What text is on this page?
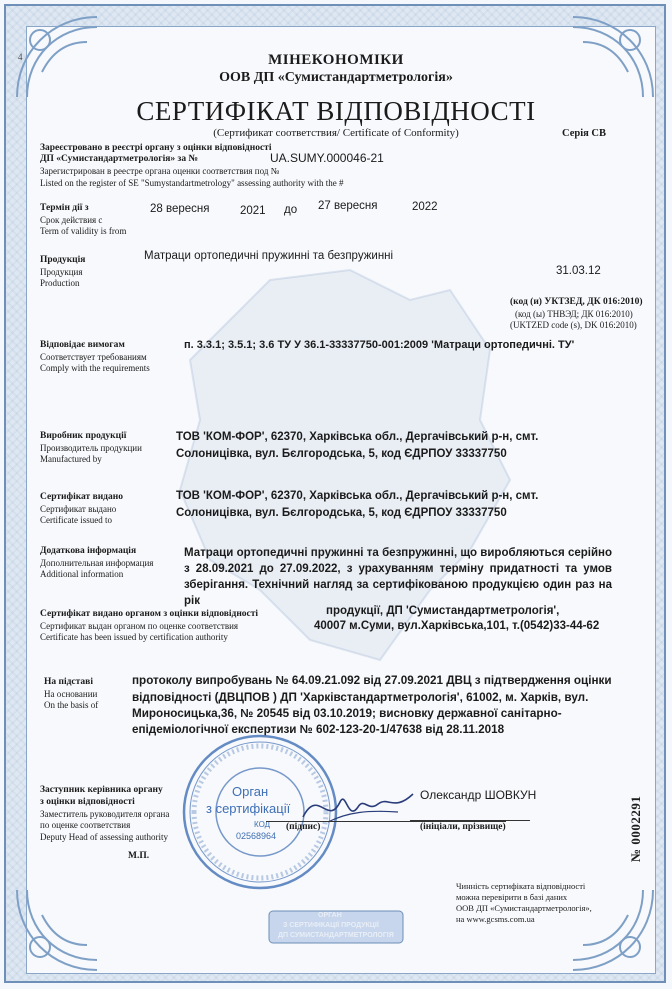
4	МІНЕКОНОМІКИ
ООВ ДП «Сумистандартметрологія»
СЕРТИФІКАТ ВІДПОВІДНОСТІ
(Сертификат соответствия/ Certificate of Conformity)	Серія СВ
Зареєстровано в реєстрі органу з оцінки відповідності
ДП «Сумистандартметрологія» за №	UA.SUMY.000046-21
Зарегистрирован в реестре органа оценки соответствия под №
Listed on the register of SE "Sumystandartmetrology" assessing authority with the #
Термін дії з
Срок действия с
Term of validity is from
28 вересня	2021 до 27 вересня	2022
Продукція
Продукция
Production
Матраци ортопедичні пружинні та безпружинні
31.03.12
(код (и) УКТЗЕД, ДК 016:2010)
(код (ы) ТНВЭД; ДК 016:2010)
(UKTZED code (s), DK 016:2010)
Відповідає вимогам
Соответствует требованиям
Comply with the requirements
п. 3.3.1; 3.5.1; 3.6 ТУ У 36.1-33337750-001:2009 'Матраци ортопедичні. ТУ'
Виробник продукції
Производитель продукции
Manufactured by
ТОВ 'КОМ-ФОР', 62370, Харківська обл., Дергачівський р-н, смт.
Солоницівка, вул. Бєлгородська, 5, код ЄДРПОУ 33337750
Сертифікат видано
Сертификат выдано
Certificate issued to
ТОВ 'КОМ-ФОР', 62370, Харківська обл., Дергачівський р-н, смт.
Солоницівка, вул. Бєлгородська, 5, код ЄДРПОУ 33337750
Додаткова інформація
Дополнительная информация
Additional information
Матраци ортопедичні пружинні та безпружинні, що виробляються серійно з 28.09.2021 до 27.09.2022, з урахуванням терміну придатності та умов зберігання. Технічний нагляд за сертифікованою продукцією один раз на рік
Сертифікат видано органом з оцінки відповідності
Сертификат выдан органом по оценке соответствия
Certificate has been issued by certification authority
продукції, ДП 'Сумистандартметрологія',
40007 м.Суми, вул.Харківська,101, т.(0542)33-44-62
На підставі
На основании
On the basis of
протоколу випробувань № 64.09.21.092 від 27.09.2021 ДВЦ з підтвердження оцінки
відповідності (ДВЦПОВ ) ДП 'Харківстандартметрологія', 61002, м. Харків, вул.
Мироносицька,36, № 20545 від 03.10.2019; висновку державної санітарно-
епідеміологічної експертизи № 602-123-20-1/47638 від 28.11.2018
Орган
з сертифікації
КОД
02568964
Заступник керівника органу
з оцінки відповідності
Заместитель руководителя органа
по оценке соответствия
Deputy Head of assessing authority
(підпис)
Олександр ШОВКУН
(ініціали, прізвище)
М.П.
Чинність сертифіката відповідності
можна перевірити в базі даних
ООВ ДП «Сумистандартметрологія»,
на www.gcsms.com.ua
ОРГАН
З СЕРТИФІКАЦІЇ ПРОДУКЦІЇ
ДП СУМИСТАНДАРТМЕТРОЛОГІЯ
№ 0002291
